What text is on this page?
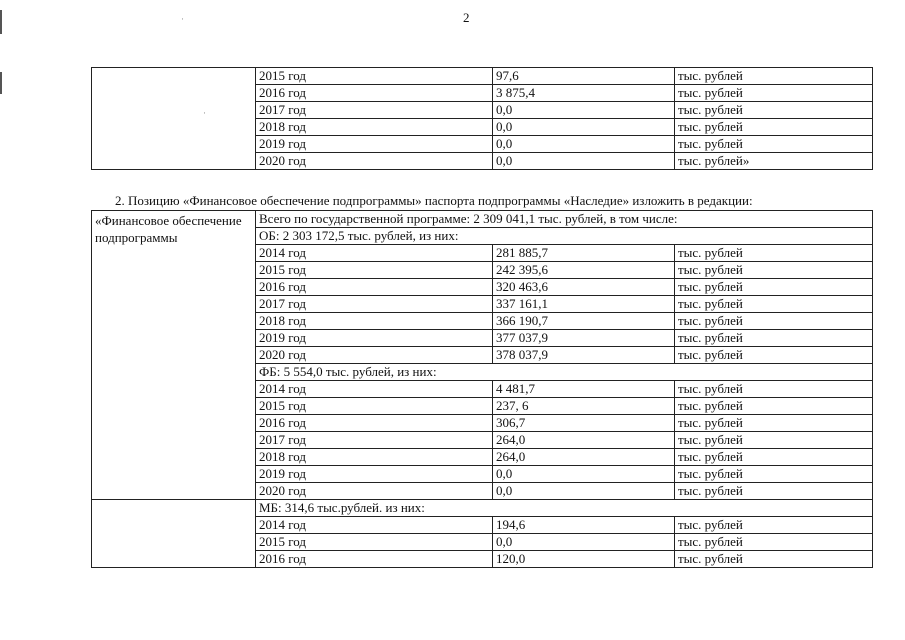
·
·
2
	2015 год	97,6	тыс. рублей
	2016 год	3 875,4	тыс. рублей
	2017 год	0,0	тыс. рублей
	2018 год	0,0	тыс. рублей
	2019 год	0,0	тыс. рублей
	2020 год	0,0	тыс. рублей»
2. Позицию «Финансовое обеспечение подпрограммы» паспорта подпрограммы «Наследие» изложить в редакции:
«Финансовое обеспечение подпрограммы	Всего по государственной программе: 2 309 041,1 тыс. рублей, в том числе:		
	ОБ: 2 303 172,5 тыс. рублей, из них:		
	2014 год	281 885,7	тыс. рублей
	2015 год	242 395,6	тыс. рублей
	2016 год	320 463,6	тыс. рублей
	2017 год	337 161,1	тыс. рублей
	2018 год	366 190,7	тыс. рублей
	2019 год	377 037,9	тыс. рублей
	2020 год	378 037,9	тыс. рублей
	ФБ: 5 554,0 тыс. рублей, из них:		
	2014 год	4 481,7	тыс. рублей
	2015 год	237, 6	тыс. рублей
	2016 год	306,7	тыс. рублей
	2017 год	264,0	тыс. рублей
	2018 год	264,0	тыс. рублей
	2019 год	0,0	тыс. рублей
	2020 год	0,0	тыс. рублей
	МБ: 314,6 тыс.рублей. из них:		
	2014 год	194,6	тыс. рублей
	2015 год	0,0	тыс. рублей
	2016 год	120,0	тыс. рублей
